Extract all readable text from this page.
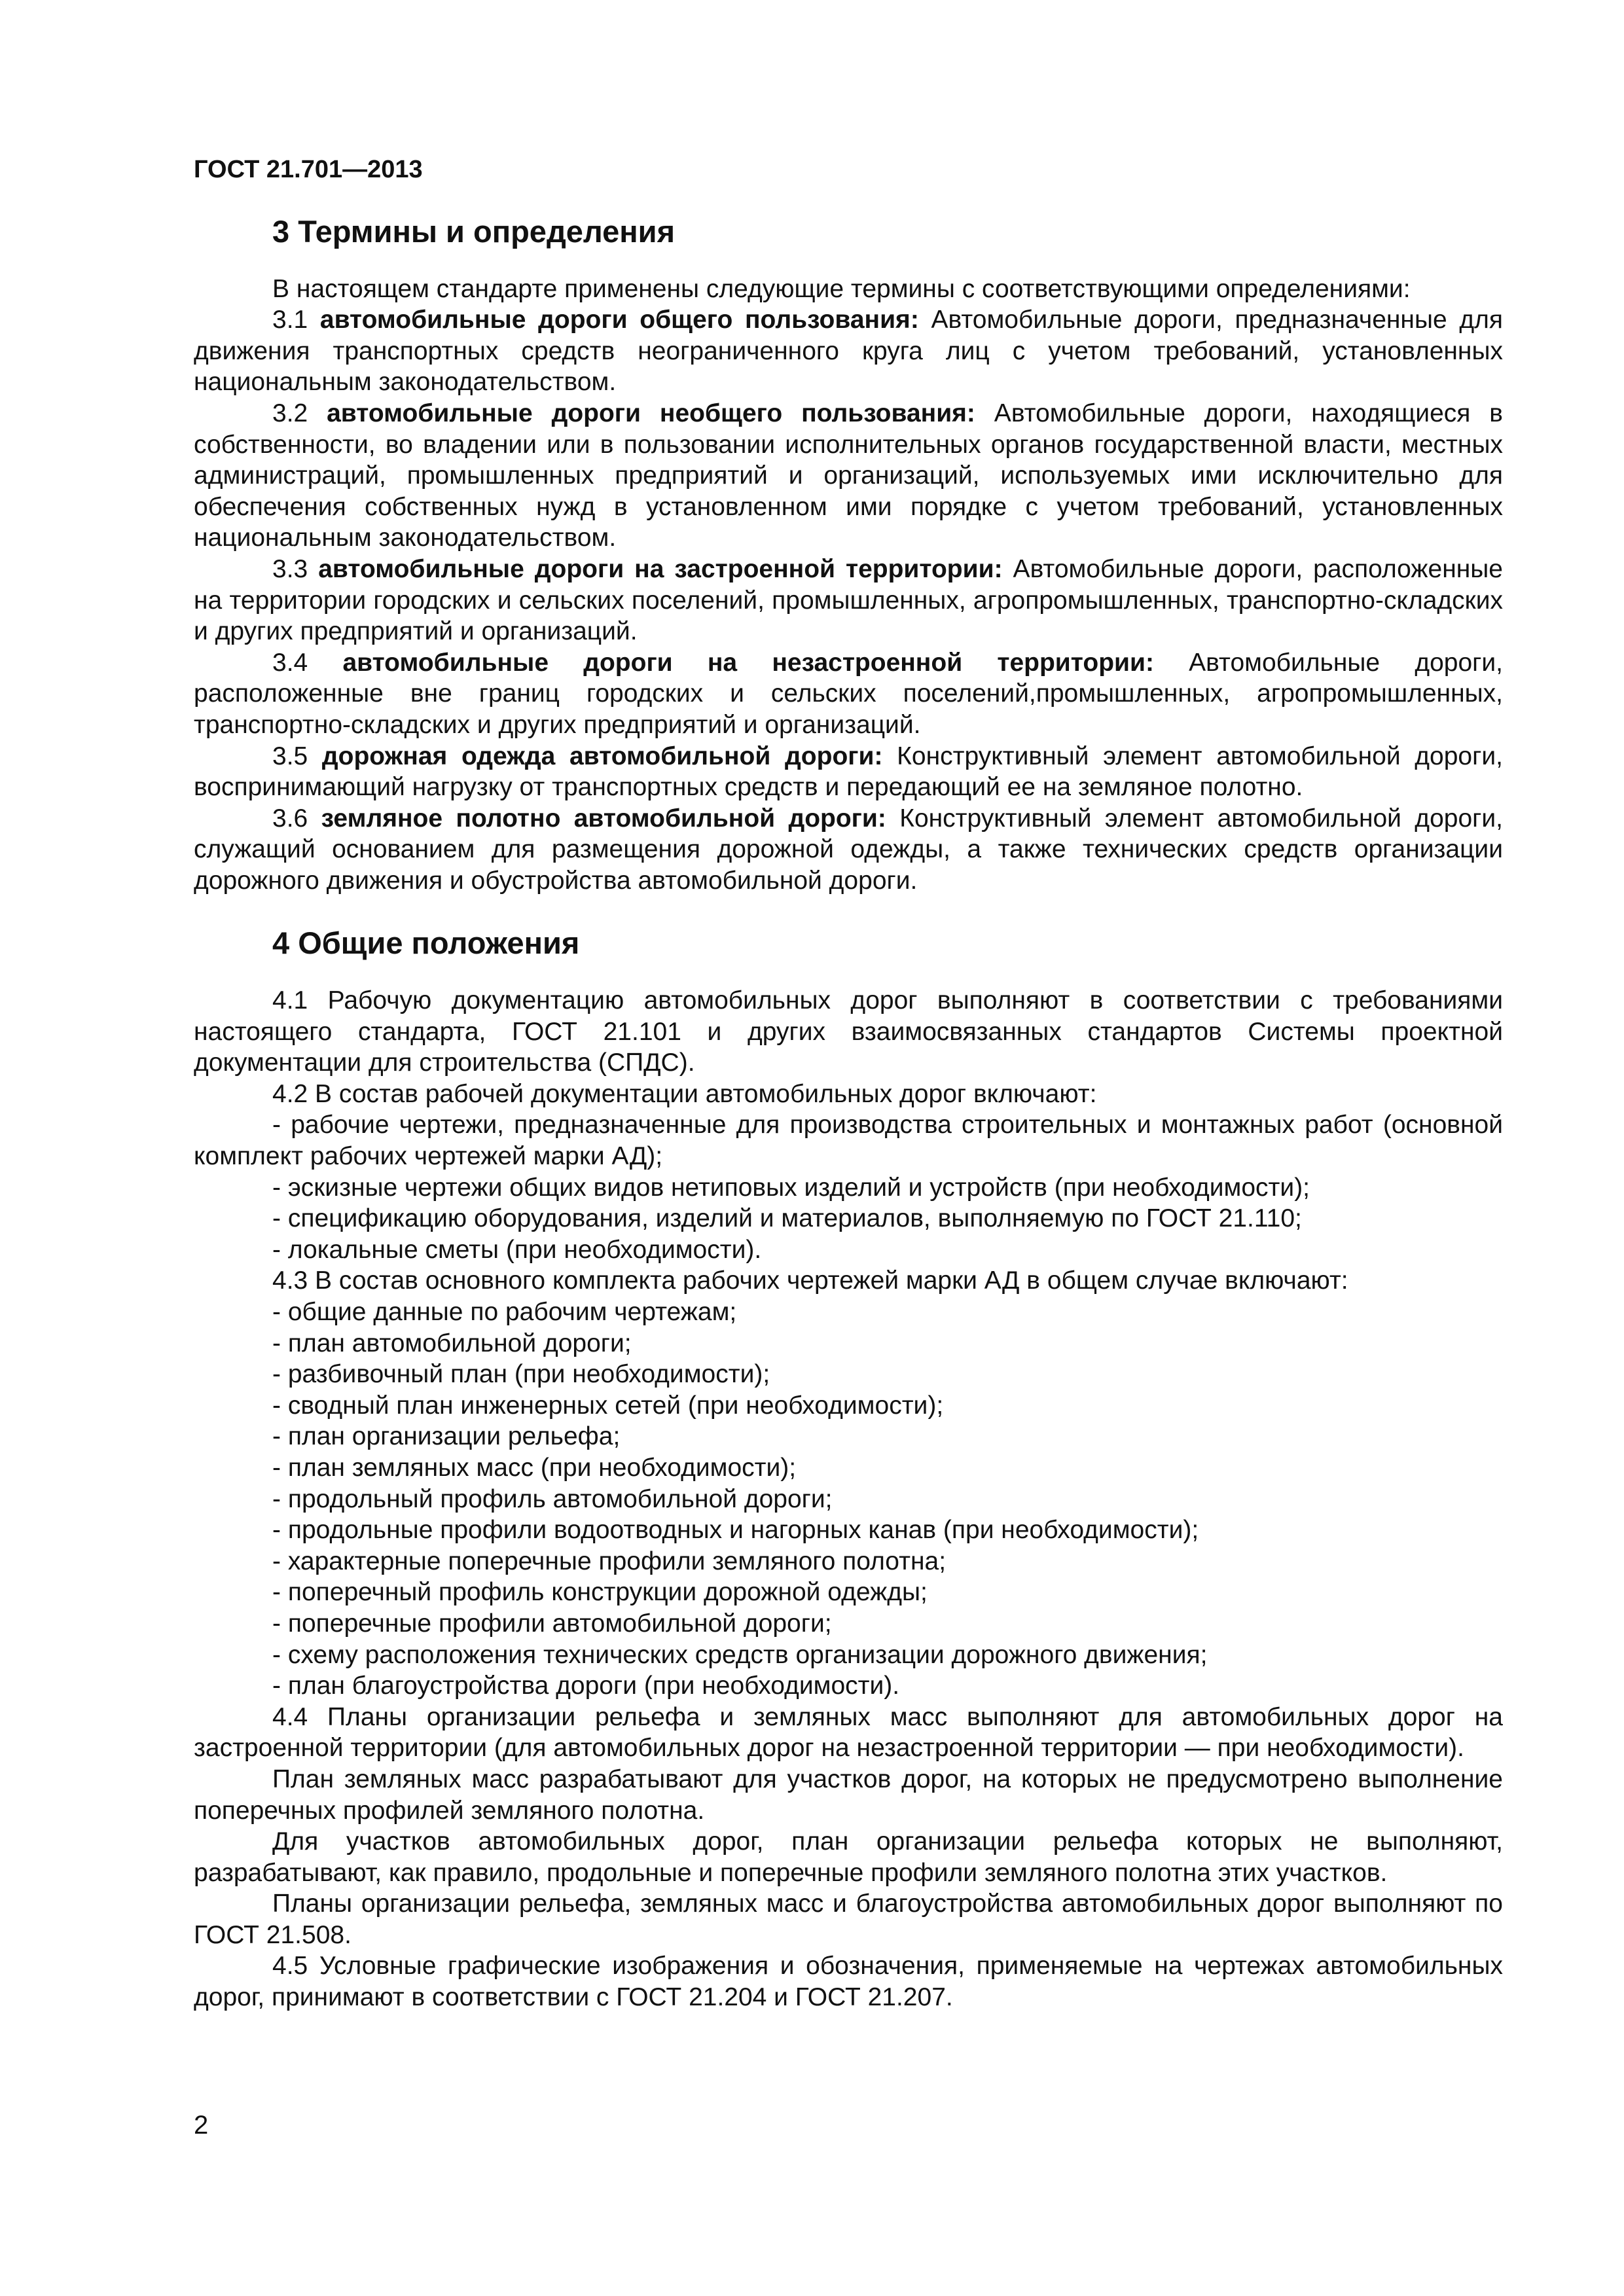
ГОСТ 21.701—2013
3 Термины и определения

В настоящем стандарте применены следующие термины с соответствующими определениями:

3.1 автомобильные дороги общего пользования: Автомобильные дороги, предназначенные для движения транспортных средств неограниченного круга лиц с учетом требований, установленных национальным законодательством.

3.2 автомобильные дороги необщего пользования: Автомобильные дороги, находящиеся в собственности, во владении или в пользовании исполнительных органов государственной власти, местных администраций, промышленных предприятий и организаций, используемых ими исключительно для обеспечения собственных нужд в установленном ими порядке с учетом требований, установленных национальным законодательством.

3.3 автомобильные дороги на застроенной территории: Автомобильные дороги, расположенные на территории городских и сельских поселений, промышленных, агропромышленных, транспортно-складских и других предприятий и организаций.

3.4 автомобильные дороги на незастроенной территории: Автомобильные дороги, расположенные вне границ городских и сельских поселений,промышленных, агропромышленных, транспортно-складских и других предприятий и организаций.

3.5 дорожная одежда автомобильной дороги: Конструктивный элемент автомобильной дороги, воспринимающий нагрузку от транспортных средств и передающий ее на земляное полотно.

3.6 земляное полотно автомобильной дороги: Конструктивный элемент автомобильной дороги, служащий основанием для размещения дорожной одежды, а также технических средств организации дорожного движения и обустройства автомобильной дороги.

4 Общие положения

4.1 Рабочую документацию автомобильных дорог выполняют в соответствии с требованиями настоящего стандарта, ГОСТ 21.101 и других взаимосвязанных стандартов Системы проектной документации для строительства (СПДС).

4.2 В состав рабочей документации автомобильных дорог включают:

- рабочие чертежи, предназначенные для производства строительных и монтажных работ (основной комплект рабочих чертежей марки АД);
- эскизные чертежи общих видов нетиповых изделий и устройств (при необходимости);
- спецификацию оборудования, изделий и материалов, выполняемую по ГОСТ 21.110;
- локальные сметы (при необходимости).

4.3 В состав основного комплекта рабочих чертежей марки АД в общем случае включают:

- общие данные по рабочим чертежам;
- план автомобильной дороги;
- разбивочный план (при необходимости);
- сводный план инженерных сетей (при необходимости);
- план организации рельефа;
- план земляных масс (при необходимости);
- продольный профиль автомобильной дороги;
- продольные профили водоотводных и нагорных канав (при необходимости);
- характерные поперечные профили земляного полотна;
- поперечный профиль конструкции дорожной одежды;
- поперечные профили автомобильной дороги;
- схему расположения технических средств организации дорожного движения;
- план благоустройства дороги (при необходимости).

4.4 Планы организации рельефа и земляных масс выполняют для автомобильных дорог на застроенной территории (для автомобильных дорог на незастроенной территории — при необходимости).

План земляных масс разрабатывают для участков дорог, на которых не предусмотрено выполнение поперечных профилей земляного полотна.

Для участков автомобильных дорог, план организации рельефа которых не выполняют, разрабатывают, как правило, продольные и поперечные профили земляного полотна этих участков.

Планы организации рельефа, земляных масс и благоустройства автомобильных дорог выполняют по ГОСТ 21.508.

4.5 Условные графические изображения и обозначения, применяемые на чертежах автомобильных дорог, принимают в соответствии с ГОСТ 21.204 и ГОСТ 21.207.

2
